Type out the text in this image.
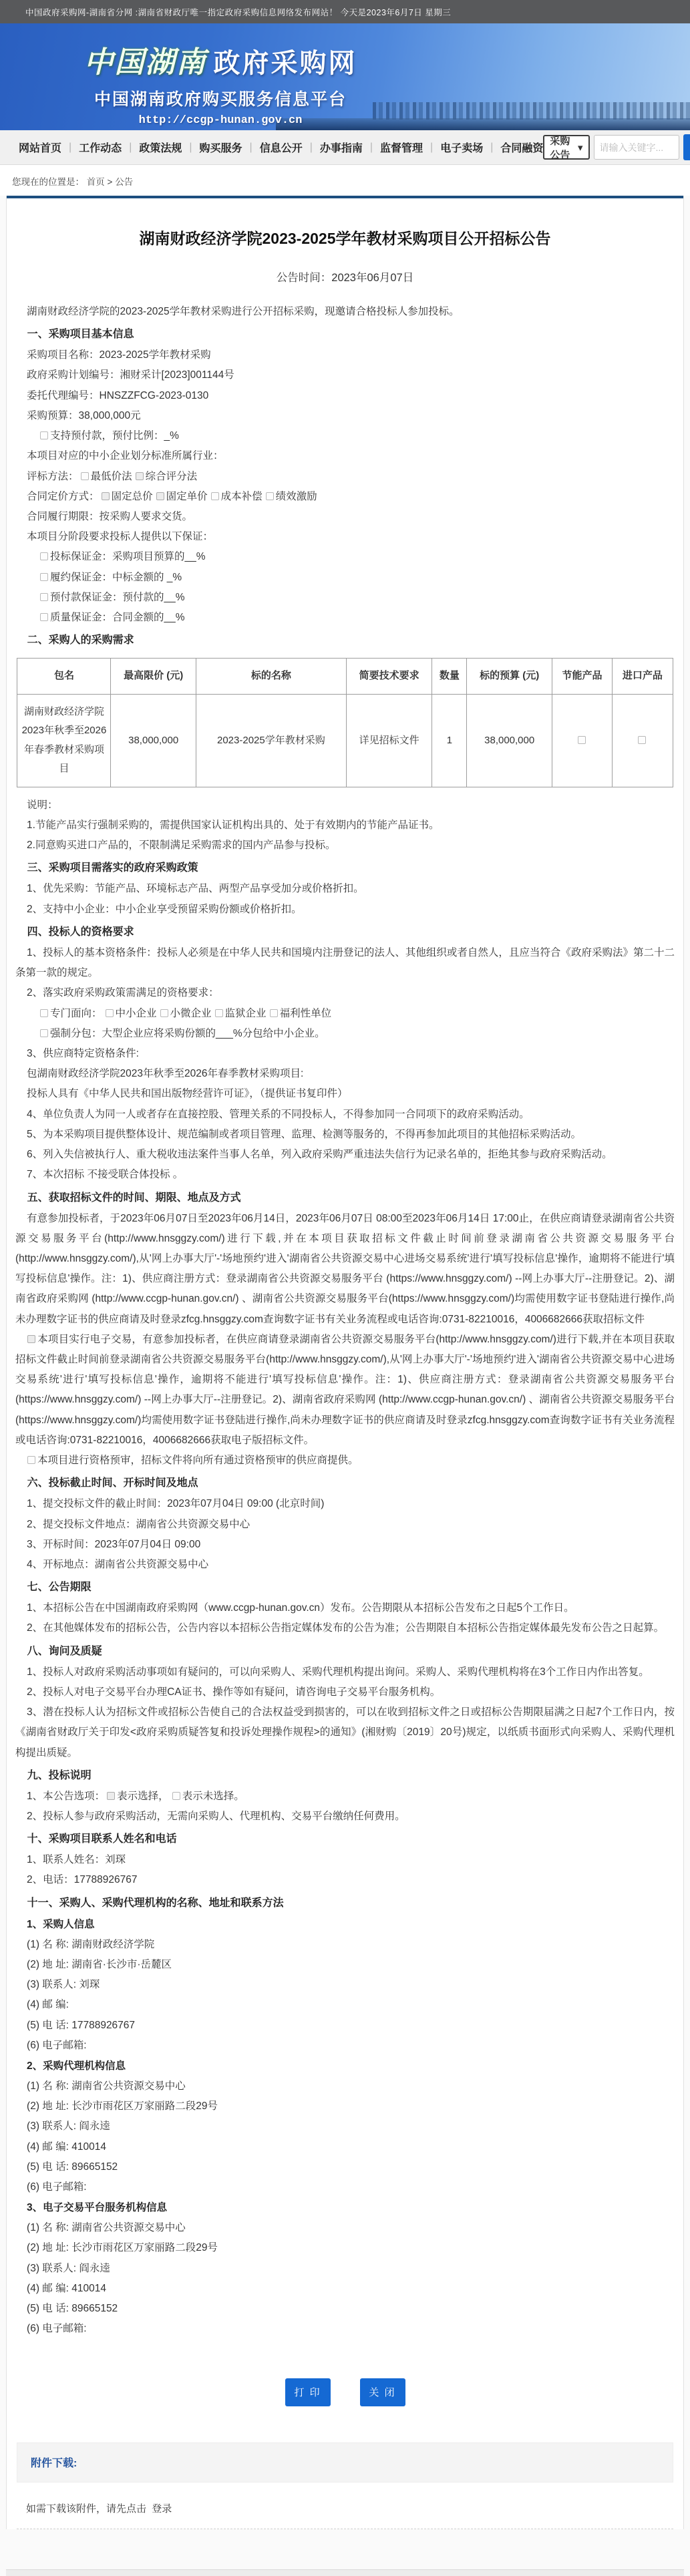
中国政府采购网-湖南省分网 :湖南省财政厅唯一指定政府采购信息网络发布网站！ 今天是2023年6月7日 星期三
中国湖南 政府采购网
中国湖南政府购买服务信息平台
http://ccgp-hunan.gov.cn
网站首页	| 工作动态	| 政策法规	| 购买服务	| 信息公开	| 办事指南	| 监督管理	| 电子卖场	| 合同融资
采购公告
▾
请输入关键字...
您现在的位置是： 首页 > 公告
湖南财政经济学院2023-2025学年教材采购项目公开招标公告
公告时间：2023年06月07日
湖南财政经济学院的2023-2025学年教材采购进行公开招标采购，现邀请合格投标人参加投标。
一、采购项目基本信息
采购项目名称：2023-2025学年教材采购
政府采购计划编号：湘财采计[2023]001144号
委托代理编号：HNSZZFCG-2023-0130
采购预算：38,000,000元
支持预付款，预付比例：_%
本项目对应的中小企业划分标准所属行业：
评标方法： 最低价法 ✓ 综合评分法
合同定价方式： ✓ 固定总价 ✓ 固定单价 成本补偿 绩效激励
合同履行期限：按采购人要求交货。
本项目分阶段要求投标人提供以下保证：
投标保证金：采购项目预算的__%
履约保证金：中标金额的 _%
预付款保证金：预付款的__%
质量保证金：合同金额的__%
二、采购人的采购需求
包名	最高限价 (元)	标的名称	简要技术要求	数量	标的预算 (元)	节能产品	进口产品
湖南财政经济学院2023年秋季至2026年春季教材采购项目	38,000,000	2023-2025学年教材采购	详见招标文件	1	38,000,000		
说明：
1.节能产品实行强制采购的，需提供国家认证机构出具的、处于有效期内的节能产品证书。
2.同意购买进口产品的，不限制满足采购需求的国内产品参与投标。
三、采购项目需落实的政府采购政策
1、优先采购：节能产品、环境标志产品、两型产品享受加分或价格折扣。
2、支持中小企业：中小企业享受预留采购份额或价格折扣。
四、投标人的资格要求
1、投标人的基本资格条件：投标人必须是在中华人民共和国境内注册登记的法人、其他组织或者自然人，且应当符合《政府采购法》第二十二条第一款的规定。
2、落实政府采购政策需满足的资格要求：
专门面向： 中小企业 小微企业 监狱企业 福利性单位
强制分包：大型企业应将采购份额的___%分包给中小企业。
3、供应商特定资格条件:
包湖南财政经济学院2023年秋季至2026年春季教材采购项目:
投标人具有《中华人民共和国出版物经营许可证》，（提供证书复印件）
4、单位负责人为同一人或者存在直接控股、管理关系的不同投标人，不得参加同一合同项下的政府采购活动。
5、为本采购项目提供整体设计、规范编制或者项目管理、监理、检测等服务的，不得再参加此项目的其他招标采购活动。
6、列入失信被执行人、重大税收违法案件当事人名单，列入政府采购严重违法失信行为记录名单的，拒绝其参与政府采购活动。
7、本次招标 不接受联合体投标 。
五、获取招标文件的时间、期限、地点及方式
有意参加投标者，于2023年06月07日至2023年06月14日，2023年06月07日 08:00至2023年06月14日 17:00止，在供应商请登录湖南省公共资源交易服务平台(http://www.hnsggzy.com/)进行下载,并在本项目获取招标文件截止时间前登录湖南省公共资源交易服务平台(http://www.hnsggzy.com/),从'网上办事大厅'-'场地预约'进入'湖南省公共资源交易中心进场交易系统'进行'填写投标信息'操作，逾期将不能进行'填写投标信息'操作。注：1)、供应商注册方式：登录湖南省公共资源交易服务平台 (https://www.hnsggzy.com/) --网上办事大厅--注册登记。2)、湖南省政府采购网 (http://www.ccgp-hunan.gov.cn/) 、湖南省公共资源交易服务平台(https://www.hnsggzy.com/)均需使用数字证书登陆进行操作,尚未办理数字证书的供应商请及时登录zfcg.hnsggzy.com查询数字证书有关业务流程或电话咨询:0731-82210016，4006682666获取招标文件
✓本项目实行电子交易，有意参加投标者，在供应商请登录湖南省公共资源交易服务平台(http://www.hnsggzy.com/)进行下载,并在本项目获取招标文件截止时间前登录湖南省公共资源交易服务平台(http://www.hnsggzy.com/),从'网上办事大厅'-'场地预约'进入'湖南省公共资源交易中心进场交易系统'进行'填写投标信息'操作，逾期将不能进行'填写投标信息'操作。注：1)、供应商注册方式：登录湖南省公共资源交易服务平台 (https://www.hnsggzy.com/) --网上办事大厅--注册登记。2)、湖南省政府采购网 (http://www.ccgp-hunan.gov.cn/) 、湖南省公共资源交易服务平台(https://www.hnsggzy.com/)均需使用数字证书登陆进行操作,尚未办理数字证书的供应商请及时登录zfcg.hnsggzy.com查询数字证书有关业务流程或电话咨询:0731-82210016，4006682666获取电子版招标文件。
本项目进行资格预审，招标文件将向所有通过资格预审的供应商提供。
六、投标截止时间、开标时间及地点
1、提交投标文件的截止时间：2023年07月04日 09:00 (北京时间)
2、提交投标文件地点：湖南省公共资源交易中心
3、开标时间：2023年07月04日 09:00
4、开标地点：湖南省公共资源交易中心
七、公告期限
1、本招标公告在中国湖南政府采购网（www.ccgp-hunan.gov.cn）发布。公告期限从本招标公告发布之日起5个工作日。
2、在其他媒体发布的招标公告，公告内容以本招标公告指定媒体发布的公告为准；公告期限自本招标公告指定媒体最先发布公告之日起算。
八、询问及质疑
1、投标人对政府采购活动事项如有疑问的，可以向采购人、采购代理机构提出询问。采购人、采购代理机构将在3个工作日内作出答复。
2、投标人对电子交易平台办理CA证书、操作等如有疑问，请咨询电子交易平台服务机构。
3、潜在投标人认为招标文件或招标公告使自己的合法权益受到损害的，可以在收到招标文件之日或招标公告期限届满之日起7个工作日内，按《湖南省财政厅关于印发<政府采购质疑答复和投诉处理操作规程>的通知》(湘财购〔2019〕20号)规定，以纸质书面形式向采购人、采购代理机构提出质疑。
九、投标说明
1、本公告选项： ✓ 表示选择， 表示未选择。
2、投标人参与政府采购活动，无需向采购人、代理机构、交易平台缴纳任何费用。
十、采购项目联系人姓名和电话
1、联系人姓名：刘琛
2、电话：17788926767
十一、采购人、采购代理机构的名称、地址和联系方法
1、采购人信息
(1) 名 称: 湖南财政经济学院
(2) 地 址: 湖南省·长沙市·岳麓区
(3) 联系人: 刘琛
(4) 邮 编:
(5) 电 话: 17788926767
(6) 电子邮箱:
2、采购代理机构信息
(1) 名 称: 湖南省公共资源交易中心
(2) 地 址: 长沙市雨花区万家丽路二段29号
(3) 联系人: 阎永逵
(4) 邮 编: 410014
(5) 电 话: 89665152
(6) 电子邮箱:
3、电子交易平台服务机构信息
(1) 名 称: 湖南省公共资源交易中心
(2) 地 址: 长沙市雨花区万家丽路二段29号
(3) 联系人: 阎永逵
(4) 邮 编: 410014
(5) 电 话: 89665152
(6) 电子邮箱:
打 印	关 闭
附件下载:
如需下载该附件，请先点击 登录
